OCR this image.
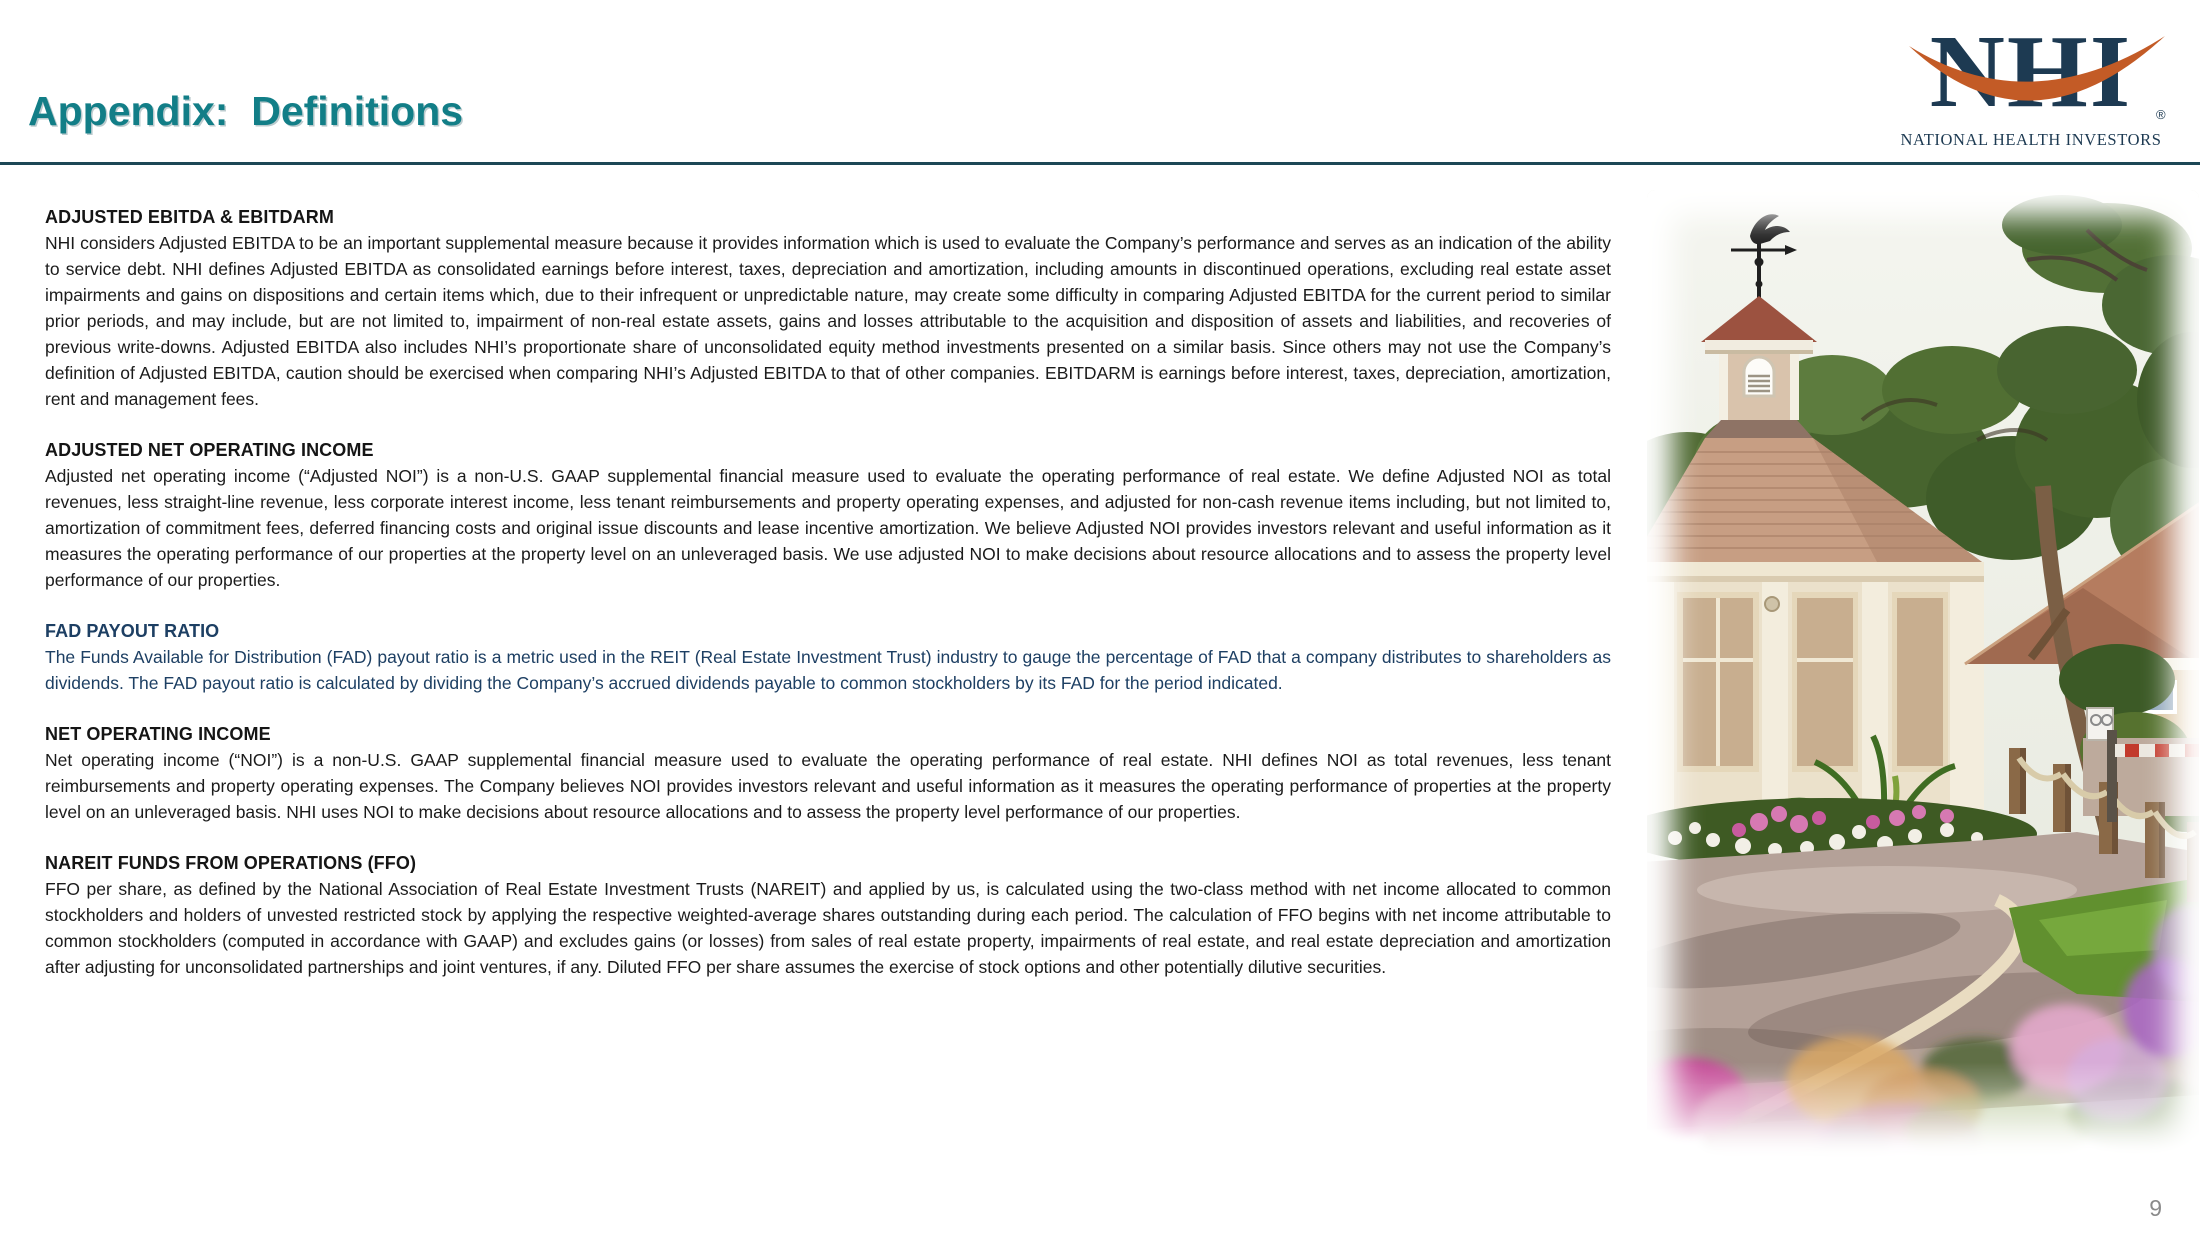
Appendix:  Definitions	NHI ®
NATIONAL HEALTH INVESTORS
ADJUSTED EBITDA & EBITDARM

NHI considers Adjusted EBITDA to be an important supplemental measure because it provides information which is used to evaluate the Company’s performance and serves as an indication of the ability to service debt. NHI defines Adjusted EBITDA as consolidated earnings before interest, taxes, depreciation and amortization, including amounts in discontinued operations, excluding real estate asset impairments and gains on dispositions and certain items which, due to their infrequent or unpredictable nature, may create some difficulty in comparing Adjusted EBITDA for the current period to similar prior periods, and may include, but are not limited to, impairment of non-real estate assets, gains and losses attributable to the acquisition and disposition of assets and liabilities, and recoveries of previous write-downs. Adjusted EBITDA also includes NHI’s proportionate share of unconsolidated equity method investments presented on a similar basis. Since others may not use the Company’s definition of Adjusted EBITDA, caution should be exercised when comparing NHI’s Adjusted EBITDA to that of other companies. EBITDARM is earnings before interest, taxes, depreciation, amortization, rent and management fees.

ADJUSTED NET OPERATING INCOME

Adjusted net operating income (“Adjusted NOI”) is a non-U.S. GAAP supplemental financial measure used to evaluate the operating performance of real estate. We define Adjusted NOI as total revenues, less straight-line revenue, less corporate interest income, less tenant reimbursements and property operating expenses, and adjusted for non-cash revenue items including, but not limited to, amortization of commitment fees, deferred financing costs and original issue discounts and lease incentive amortization. We believe Adjusted NOI provides investors relevant and useful information as it measures the operating performance of our properties at the property level on an unleveraged basis. We use adjusted NOI to make decisions about resource allocations and to assess the property level performance of our properties.

FAD PAYOUT RATIO

The Funds Available for Distribution (FAD) payout ratio is a metric used in the REIT (Real Estate Investment Trust) industry to gauge the percentage of FAD that a company distributes to shareholders as dividends. The FAD payout ratio is calculated by dividing the Company’s accrued dividends payable to common stockholders by its FAD for the period indicated.

NET OPERATING INCOME

Net operating income (“NOI”) is a non-U.S. GAAP supplemental financial measure used to evaluate the operating performance of real estate. NHI defines NOI as total revenues, less tenant reimbursements and property operating expenses. The Company believes NOI provides investors relevant and useful information as it measures the operating performance of properties at the property level on an unleveraged basis. NHI uses NOI to make decisions about resource allocations and to assess the property level performance of our properties.

NAREIT FUNDS FROM OPERATIONS (FFO)

FFO per share, as defined by the National Association of Real Estate Investment Trusts (NAREIT) and applied by us, is calculated using the two-class method with net income allocated to common stockholders and holders of unvested restricted stock by applying the respective weighted-average shares outstanding during each period. The calculation of FFO begins with net income attributable to common stockholders (computed in accordance with GAAP) and excludes gains (or losses) from sales of real estate property, impairments of real estate, and real estate depreciation and amortization after adjusting for unconsolidated partnerships and joint ventures, if any. Diluted FFO per share assumes the exercise of stock options and other potentially dilutive securities.

9
